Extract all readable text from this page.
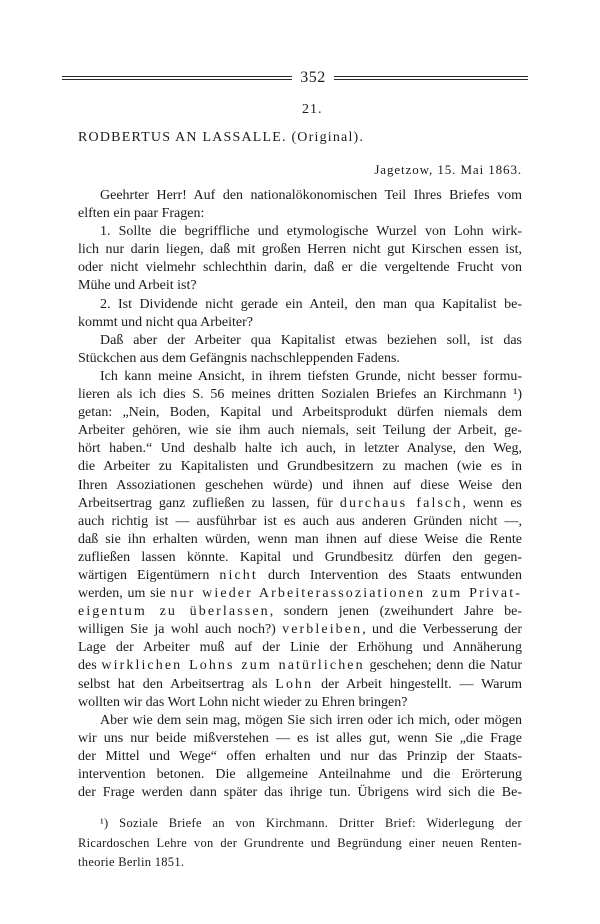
352
21.
RODBERTUS AN LASSALLE. (Original).
Jagetzow, 15. Mai 1863.
Geehrter Herr! Auf den nationalökonomischen Teil Ihres Briefes vom
elften ein paar Fragen:
1. Sollte die begriffliche und etymologische Wurzel von Lohn wirk-
lich nur darin liegen, daß mit großen Herren nicht gut Kirschen essen ist,
oder nicht vielmehr schlechthin darin, daß er die vergeltende Frucht von
Mühe und Arbeit ist?
2. Ist Dividende nicht gerade ein Anteil, den man qua Kapitalist be-
kommt und nicht qua Arbeiter?
Daß aber der Arbeiter qua Kapitalist etwas beziehen soll, ist das
Stückchen aus dem Gefängnis nachschleppenden Fadens.
Ich kann meine Ansicht, in ihrem tiefsten Grunde, nicht besser formu-
lieren als ich dies S. 56 meines dritten Sozialen Briefes an Kirchmann ¹)
getan: „Nein, Boden, Kapital und Arbeitsprodukt dürfen niemals dem
Arbeiter gehören, wie sie ihm auch niemals, seit Teilung der Arbeit, ge-
hört haben.“ Und deshalb halte ich auch, in letzter Analyse, den Weg,
die Arbeiter zu Kapitalisten und Grundbesitzern zu machen (wie es in
Ihren Assoziationen geschehen würde) und ihnen auf diese Weise den
Arbeitsertrag ganz zufließen zu lassen, für durchaus falsch, wenn es
auch richtig ist — ausführbar ist es auch aus anderen Gründen nicht —,
daß sie ihn erhalten würden, wenn man ihnen auf diese Weise die Rente
zufließen lassen könnte. Kapital und Grundbesitz dürfen den gegen-
wärtigen Eigentümern nicht durch Intervention des Staats entwunden
werden, um sie nur wieder Arbeiterassoziationen zum Privat-
eigentum zu überlassen, sondern jenen (zweihundert Jahre be-
willigen Sie ja wohl auch noch?) verbleiben, und die Verbesserung der
Lage der Arbeiter muß auf der Linie der Erhöhung und Annäherung
des wirklichen Lohns zum natürlichen geschehen; denn die Natur
selbst hat den Arbeitsertrag als Lohn der Arbeit hingestellt. — Warum
wollten wir das Wort Lohn nicht wieder zu Ehren bringen?
Aber wie dem sein mag, mögen Sie sich irren oder ich mich, oder mögen
wir uns nur beide mißverstehen — es ist alles gut, wenn Sie „die Frage
der Mittel und Wege“ offen erhalten und nur das Prinzip der Staats-
intervention betonen. Die allgemeine Anteilnahme und die Erörterung
der Frage werden dann später das ihrige tun. Übrigens wird sich die Be-
¹) Soziale Briefe an von Kirchmann. Dritter Brief: Widerlegung der
Ricardoschen Lehre von der Grundrente und Begründung einer neuen Renten-
theorie Berlin 1851.
